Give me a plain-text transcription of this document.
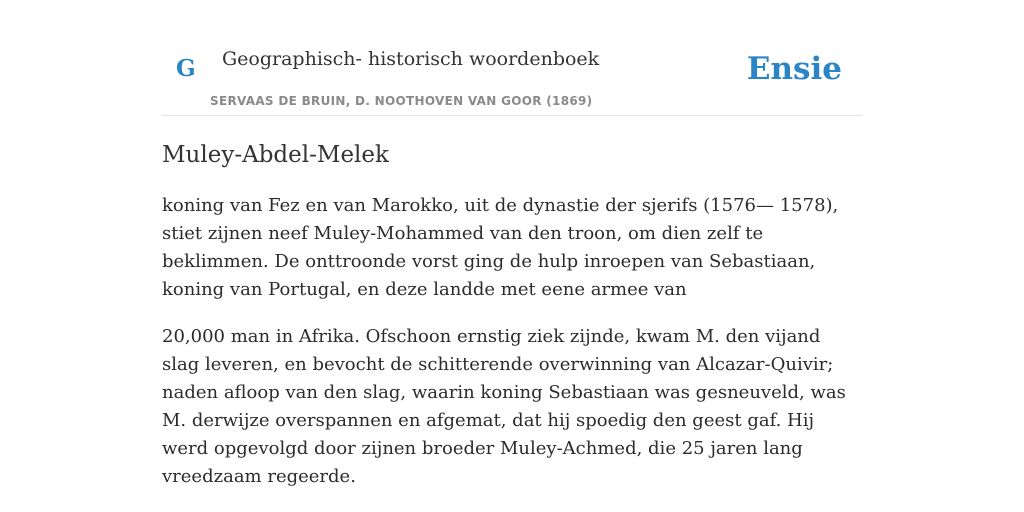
G Geographisch- historisch woordenboek
SERVAAS DE BRUIN, D. NOOTHOVEN VAN GOOR (1869)
Ensie
Muley-Abdel-Melek

koning van Fez en van Marokko, uit de dynastie der sjerifs (1576— 1578), stiet zijnen neef Muley-Mohammed van den troon, om dien zelf te beklimmen. De onttroonde vorst ging de hulp inroepen van Sebastiaan, koning van Portugal, en deze landde met eene armee van

20,000 man in Afrika. Ofschoon ernstig ziek zijnde, kwam M. den vijand slag leveren, en bevocht de schitterende overwinning van Alcazar-Quivir; naden afloop van den slag, waarin koning Sebastiaan was gesneuveld, was M. derwijze overspannen en afgemat, dat hij spoedig den geest gaf. Hij werd opgevolgd door zijnen broeder Muley-Achmed, die 25 jaren lang vreedzaam regeerde.
